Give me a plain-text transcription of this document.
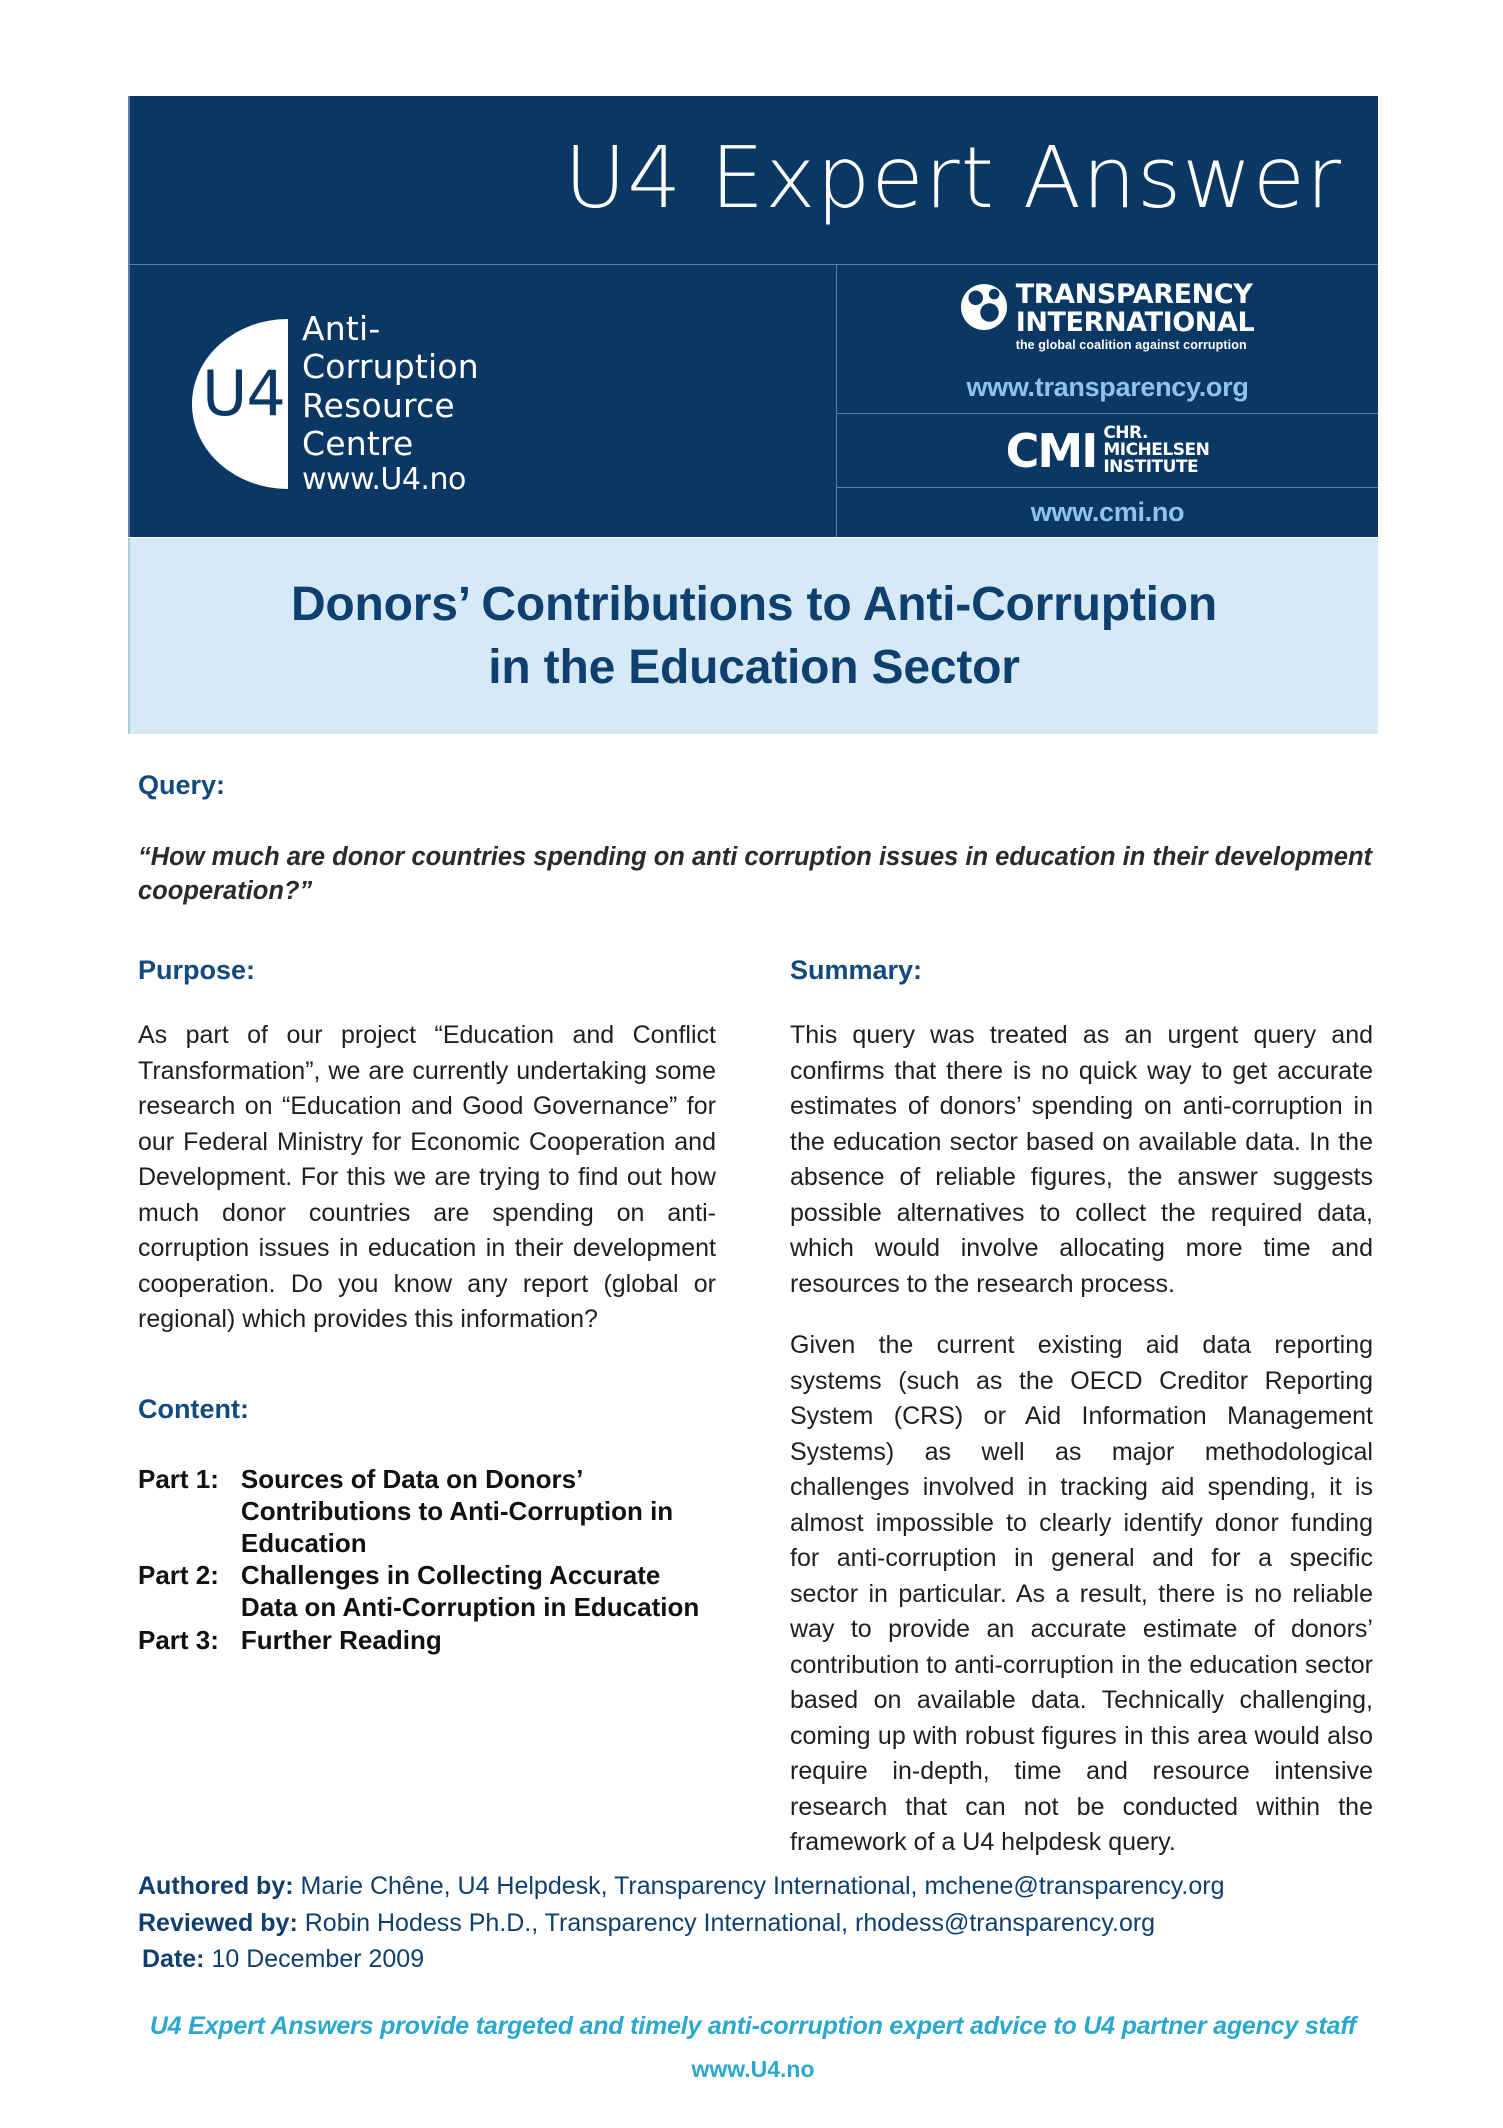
U4 Expert Answer
U4
Anti-
Corruption
Resource
Centre
www.U4.no
TRANSPARENCY
INTERNATIONAL
the global coalition against corruption
www.transparency.org
CMI CHR.
MICHELSEN
INSTITUTE
www.cmi.no
Donors’ Contributions to Anti-Corruption
in the Education Sector
Query:
“How much are donor countries spending on anti corruption issues in education in their development cooperation?”
Purpose:

As part of our project “Education and Conflict Transformation”, we are currently undertaking some research on “Education and Good Governance” for our Federal Ministry for Economic Cooperation and Development. For this we are trying to find out how much donor countries are spending on anti-corruption issues in education in their development cooperation. Do you know any report (global or regional) which provides this information?

Content:
Part 1:	Sources of Data on Donors’ Contributions to Anti-Corruption in Education
Part 2:	Challenges in Collecting Accurate Data on Anti-Corruption in Education
Part 3:	Further Reading
Summary:

This query was treated as an urgent query and confirms that there is no quick way to get accurate estimates of donors’ spending on anti-corruption in the education sector based on available data. In the absence of reliable figures, the answer suggests possible alternatives to collect the required data, which would involve allocating more time and resources to the research process.

Given the current existing aid data reporting systems (such as the OECD Creditor Reporting System (CRS) or Aid Information Management Systems) as well as major methodological challenges involved in tracking aid spending, it is almost impossible to clearly identify donor funding for anti-corruption in general and for a specific sector in particular. As a result, there is no reliable way to provide an accurate estimate of donors’ contribution to anti-corruption in the education sector based on available data. Technically challenging, coming up with robust figures in this area would also require in-depth, time and resource intensive research that can not be conducted within the framework of a U4 helpdesk query.

Authored by: Marie Chêne, U4 Helpdesk, Transparency International, mchene@transparency.org
Reviewed by: Robin Hodess Ph.D., Transparency International, rhodess@transparency.org
Date: 10 December 2009
U4 Expert Answers provide targeted and timely anti-corruption expert advice to U4 partner agency staff
www.U4.no
